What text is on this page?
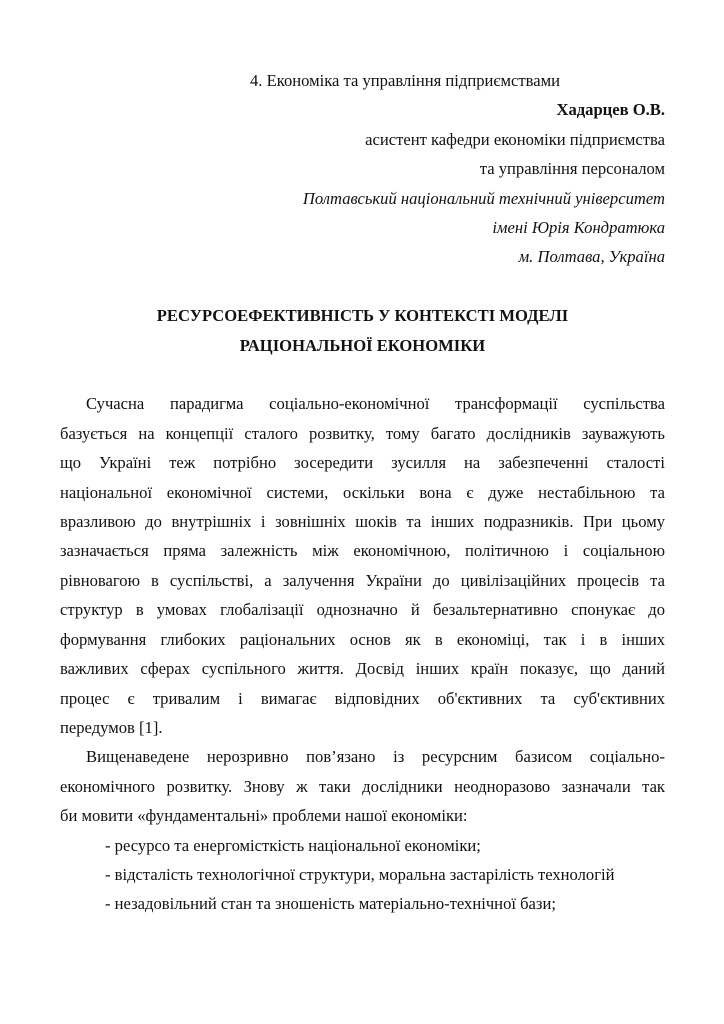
4. Економіка та управління підприємствами
Хадарцев О.В.
асистент кафедри економіки підприємства
та управління персоналом
Полтавський національний технічний університет
імені Юрія Кондратюка
м. Полтава, Україна
РЕСУРСОЕФЕКТИВНІСТЬ У КОНТЕКСТІ МОДЕЛІ
РАЦІОНАЛЬНОЇ ЕКОНОМІКИ
Сучасна парадигма соціально-економічної трансформації суспільства
базується на концепції сталого розвитку, тому багато дослідників зауважують
що Україні теж потрібно зосередити зусилля на забезпеченні сталості
національної економічної системи, оскільки вона є дуже нестабільною та
вразливою до внутрішніх і зовнішніх шоків та інших подразників. При цьому
зазначається пряма залежність між економічною, політичною і соціальною
рівновагою в суспільстві, а залучення України до цивілізаційних процесів та
структур в умовах глобалізації однозначно й безальтернативно спонукає до
формування глибоких раціональних основ як в економіці, так і в інших
важливих сферах суспільного життя. Досвід інших країн показує, що даний
процес є тривалим і вимагає відповідних об'єктивних та суб'єктивних
передумов [1].
Вищенаведене нерозривно пов’язано із ресурсним базисом соціально-
економічного розвитку. Знову ж таки дослідники неодноразово зазначали так
би мовити «фундаментальні» проблеми нашої економіки:
- ресурсо та енергомісткість національної економіки;
- відсталість технологічної структури, моральна застарілість технологій
- незадовільний стан та зношеність матеріально-технічної бази;
